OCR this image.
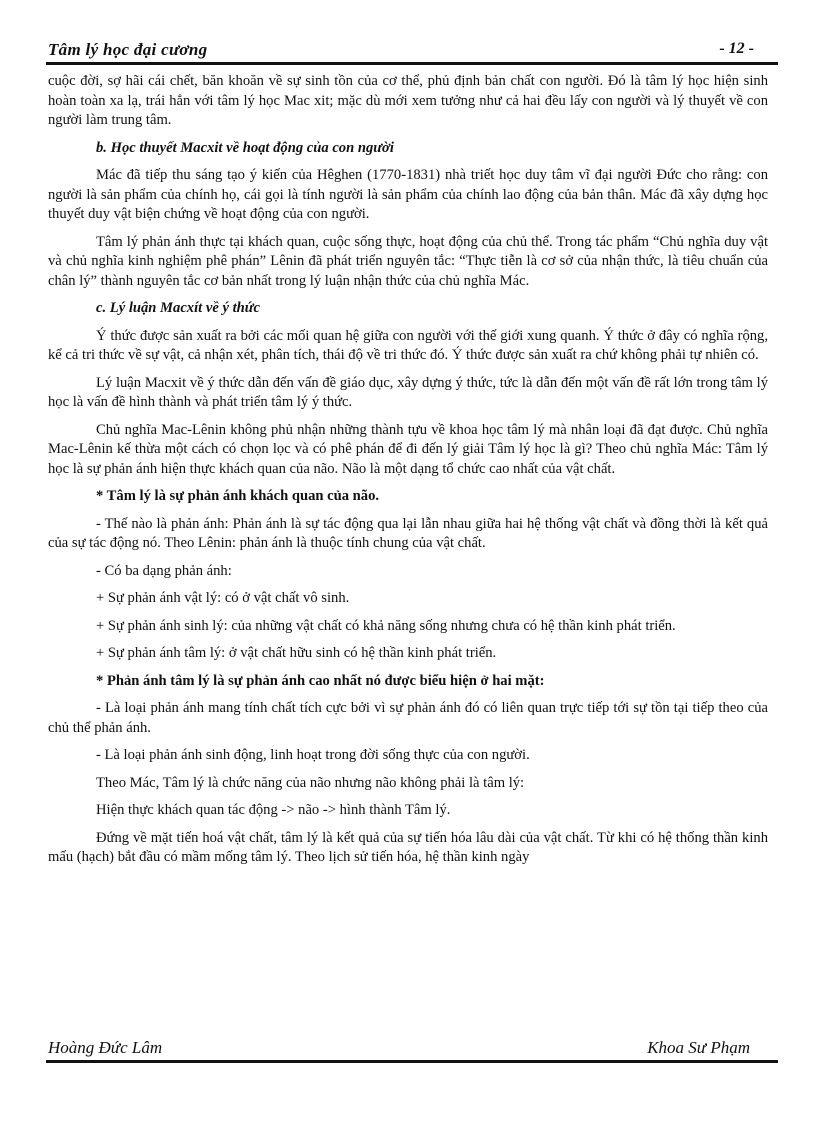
Tâm lý học đại cương	- 12 -

cuộc đời, sợ hãi cái chết, băn khoăn về sự sinh tồn của cơ thể, phủ định bản chất con người. Đó là tâm lý học hiện sinh hoàn toàn xa lạ, trái hẳn với tâm lý học Mac xit; mặc dù mới xem tưởng như cả hai đều lấy con người và lý thuyết về con người làm trung tâm.

b. Học thuyết Macxit về hoạt động của con người

Mác đã tiếp thu sáng tạo ý kiến của Hêghen (1770-1831) nhà triết học duy tâm vĩ đại người Đức cho rằng: con người là sản phẩm của chính họ, cái gọi là tính người là sản phẩm của chính lao động của bản thân. Mác đã xây dựng học thuyết duy vật biện chứng về hoạt động của con người.

Tâm lý phản ánh thực tại khách quan, cuộc sống thực, hoạt động của chủ thể. Trong tác phẩm “Chủ nghĩa duy vật và chủ nghĩa kinh nghiệm phê phán” Lênin đã phát triển nguyên tắc: “Thực tiễn là cơ sở của nhận thức, là tiêu chuẩn của chân lý” thành nguyên tắc cơ bản nhất trong lý luận nhận thức của chủ nghĩa Mác.

c. Lý luận Macxít về ý thức

Ý thức được sản xuất ra bởi các mối quan hệ giữa con người với thế giới xung quanh. Ý thức ở đây có nghĩa rộng, kể cả tri thức về sự vật, cả nhận xét, phân tích, thái độ về tri thức đó. Ý thức được sản xuất ra chứ không phải tự nhiên có.

Lý luận Macxit về ý thức dẫn đến vấn đề giáo dục, xây dựng ý thức, tức là dẫn đến một vấn đề rất lớn trong tâm lý học là vấn đề hình thành và phát triển tâm lý ý thức.

Chủ nghĩa Mac-Lênin không phủ nhận những thành tựu về khoa học tâm lý mà nhân loại đã đạt được. Chủ nghĩa Mac-Lênin kế thừa một cách có chọn lọc và có phê phán để đi đến lý giải Tâm lý học là gì? Theo chủ nghĩa Mác: Tâm lý học là sự phản ánh hiện thực khách quan của não. Não là một dạng tổ chức cao nhất của vật chất.

* Tâm lý là sự phản ánh khách quan của não.

- Thế nào là phản ánh: Phản ánh là sự tác động qua lại lẫn nhau giữa hai hệ thống vật chất và đồng thời là kết quả của sự tác động nó. Theo Lênin: phản ánh là thuộc tính chung của vật chất.

- Có ba dạng phản ánh:

+ Sự phản ánh vật lý: có ở vật chất vô sinh.

+ Sự phản ánh sinh lý: của những vật chất có khả năng sống nhưng chưa có hệ thần kinh phát triển.

+ Sự phản ánh tâm lý: ở vật chất hữu sinh có hệ thần kinh phát triển.

* Phản ánh tâm lý là sự phản ánh cao nhất nó được biểu hiện ở hai mặt:

- Là loại phản ánh mang tính chất tích cực bởi vì sự phản ánh đó có liên quan trực tiếp tới sự tồn tại tiếp theo của chủ thể phản ánh.

- Là loại phản ánh sinh động, linh hoạt trong đời sống thực của con người.

Theo Mác, Tâm lý là chức năng của não nhưng não không phải là tâm lý:

Hiện thực khách quan tác động -> não -> hình thành Tâm lý.

Đứng về mặt tiến hoá vật chất, tâm lý là kết quả của sự tiến hóa lâu dài của vật chất. Từ khi có hệ thống thần kinh mấu (hạch) bắt đầu có mầm mống tâm lý. Theo lịch sử tiến hóa, hệ thần kinh ngày

Hoàng Đức Lâm	Khoa Sư Phạm
